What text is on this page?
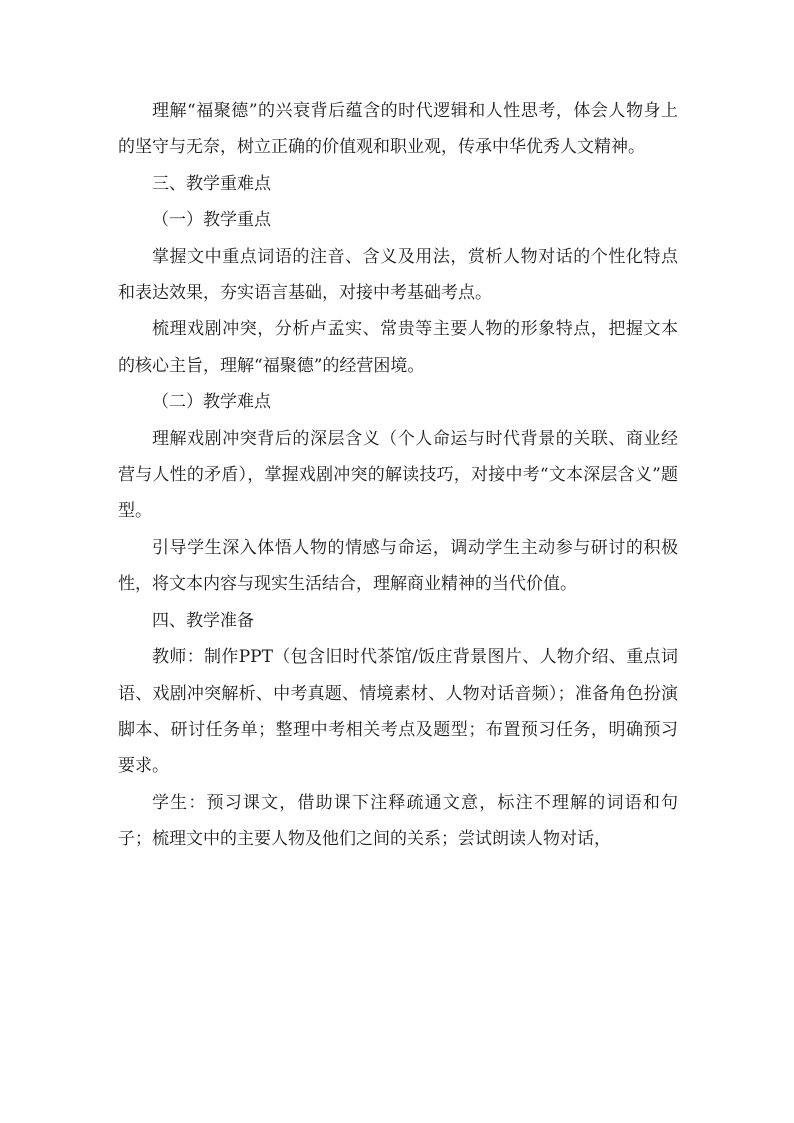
理解“福聚德”的兴衰背后蕴含的时代逻辑和人性思考，体会人物身上的坚守与无奈，树立正确的价值观和职业观，传承中华优秀人文精神。

三、教学重难点

（一）教学重点

掌握文中重点词语的注音、含义及用法，赏析人物对话的个性化特点和表达效果，夯实语言基础，对接中考基础考点。

梳理戏剧冲突，分析卢孟实、常贵等主要人物的形象特点，把握文本的核心主旨，理解“福聚德”的经营困境。

（二）教学难点

理解戏剧冲突背后的深层含义（个人命运与时代背景的关联、商业经营与人性的矛盾），掌握戏剧冲突的解读技巧，对接中考“文本深层含义”题型。

引导学生深入体悟人物的情感与命运，调动学生主动参与研讨的积极性，将文本内容与现实生活结合，理解商业精神的当代价值。

四、教学准备

教师：制作PPT（包含旧时代茶馆/饭庄背景图片、人物介绍、重点词语、戏剧冲突解析、中考真题、情境素材、人物对话音频）；准备角色扮演脚本、研讨任务单；整理中考相关考点及题型；布置预习任务，明确预习要求。

学生：预习课文，借助课下注释疏通文意，标注不理解的词语和句子；梳理文中的主要人物及他们之间的关系；尝试朗读人物对话，
